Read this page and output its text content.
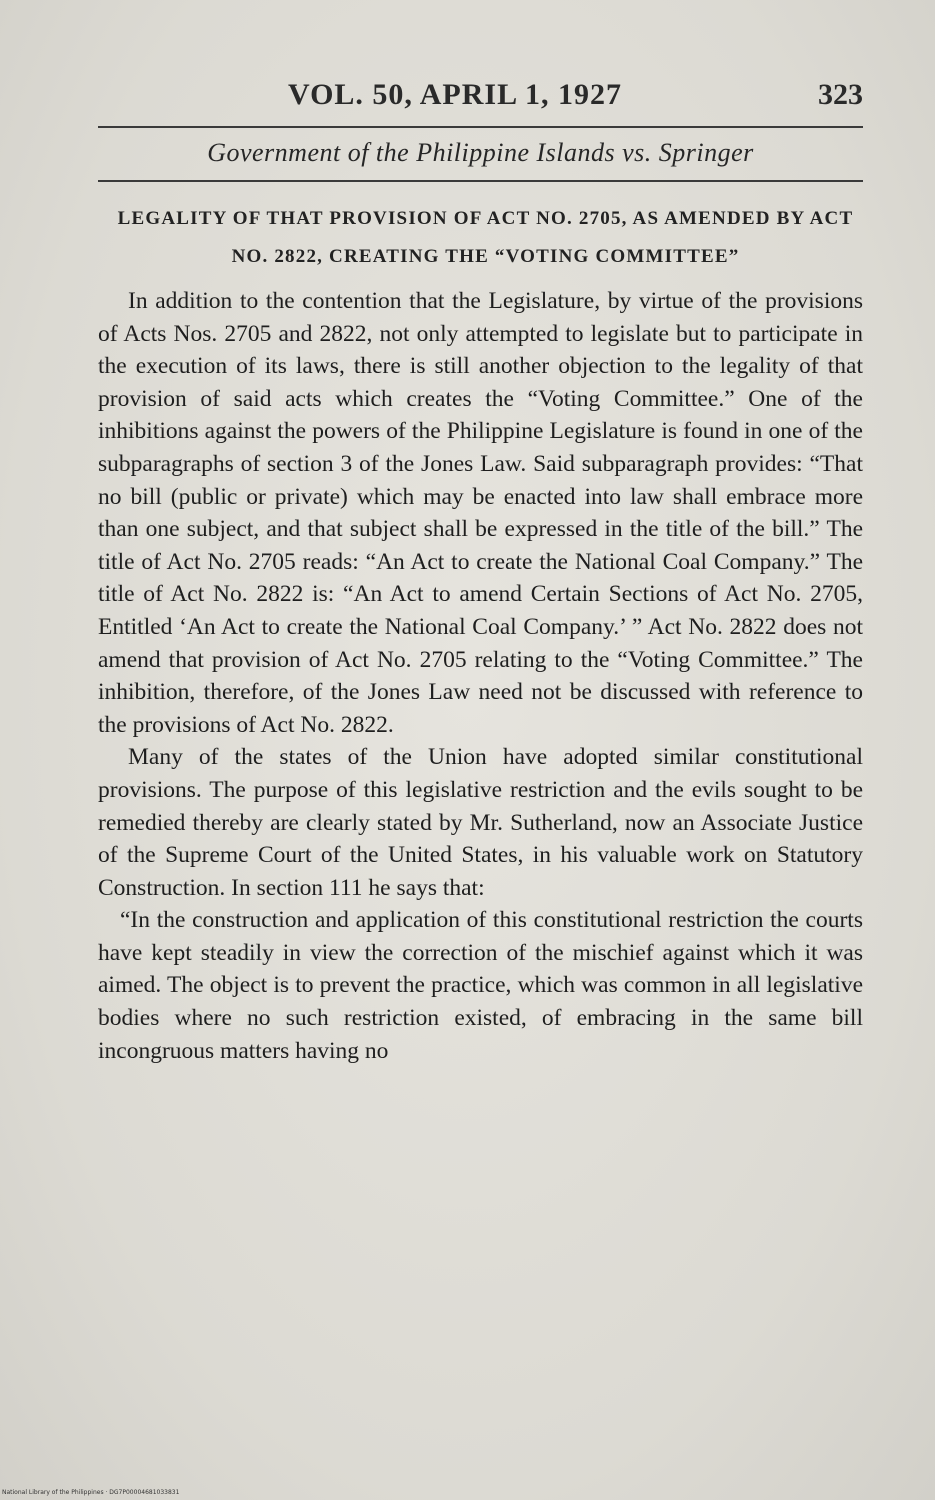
VOL. 50, APRIL 1, 1927	323
Government of the Philippine Islands vs. Springer
LEGALITY OF THAT PROVISION OF ACT NO. 2705, AS AMENDED BY ACT NO. 2822, CREATING THE “VOTING COMMITTEE”

In addition to the contention that the Legislature, by virtue of the provisions of Acts Nos. 2705 and 2822, not only attempted to legislate but to participate in the execution of its laws, there is still another objection to the legality of that provision of said acts which creates the “Voting Committee.” One of the inhibitions against the powers of the Philippine Legislature is found in one of the subparagraphs of section 3 of the Jones Law. Said subparagraph provides: “That no bill (public or private) which may be enacted into law shall embrace more than one subject, and that subject shall be expressed in the title of the bill.” The title of Act No. 2705 reads: “An Act to create the National Coal Company.” The title of Act No. 2822 is: “An Act to amend Certain Sections of Act No. 2705, Entitled ‘An Act to create the National Coal Company.’ ” Act No. 2822 does not amend that provision of Act No. 2705 relating to the “Voting Committee.” The inhibition, therefore, of the Jones Law need not be discussed with reference to the provisions of Act No. 2822.

Many of the states of the Union have adopted similar constitutional provisions. The purpose of this legislative restriction and the evils sought to be remedied thereby are clearly stated by Mr. Sutherland, now an Associate Justice of the Supreme Court of the United States, in his valuable work on Statutory Construction. In section 111 he says that:

“In the construction and application of this constitutional restriction the courts have kept steadily in view the correction of the mischief against which it was aimed. The object is to prevent the practice, which was common in all legislative bodies where no such restriction existed, of embracing in the same bill incongruous matters having no

National Library of the Philippines · DG7P00004681033831
